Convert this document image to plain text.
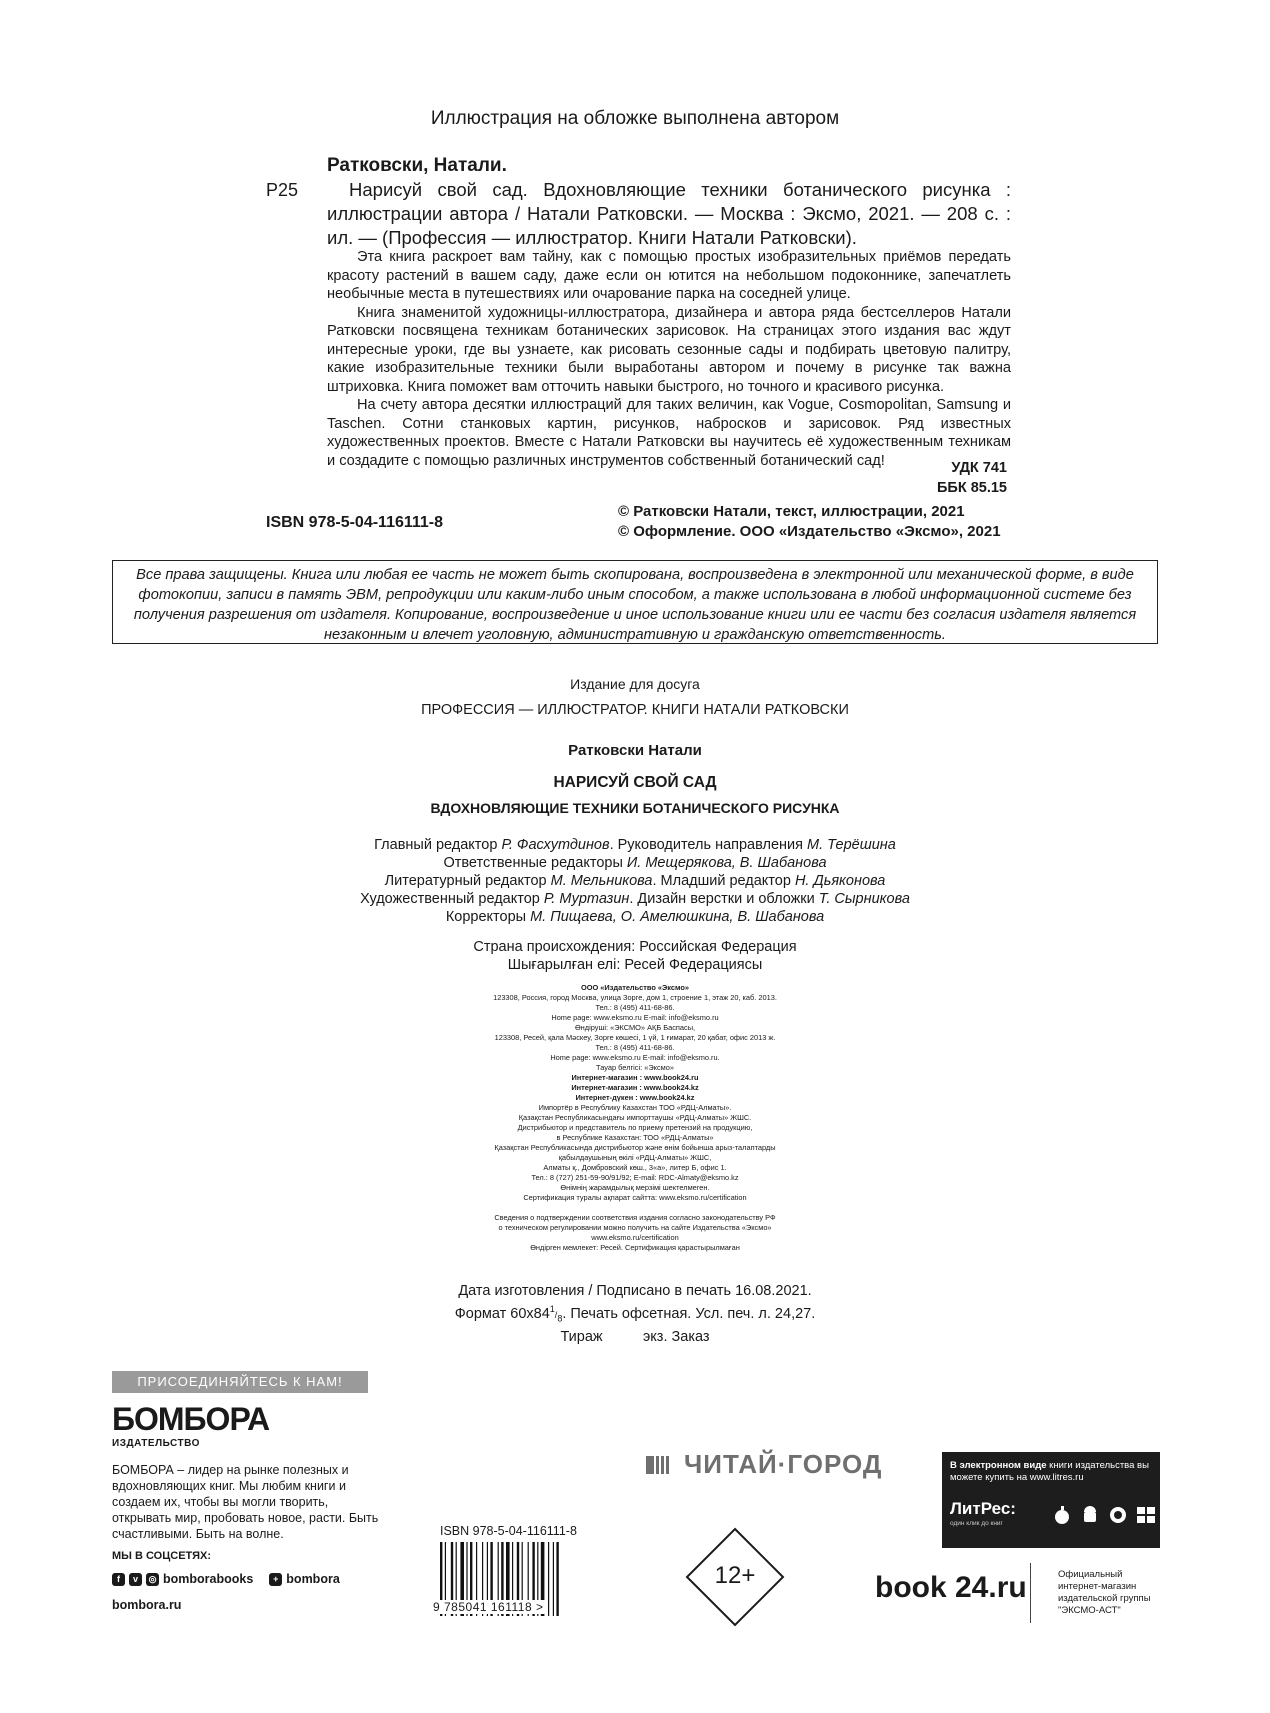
Иллюстрация на обложке выполнена автором
Ратковски, Натали.
Р25	Нарисуй свой сад. Вдохновляющие техники ботанического рисунка : иллюстрации автора / Натали Ратковски. — Москва : Эксмо, 2021. — 208 с. : ил. — (Профессия — иллюстратор. Книги Натали Ратковски).

Эта книга раскроет вам тайну, как с помощью простых изобразительных приёмов передать красоту растений в вашем саду, даже если он ютится на небольшом подоконнике, запечатлеть необычные места в путешествиях или очарование парка на соседней улице.

Книга знаменитой художницы-иллюстратора, дизайнера и автора ряда бестселлеров Натали Ратковски посвящена техникам ботанических зарисовок. На страницах этого издания вас ждут интересные уроки, где вы узнаете, как рисовать сезонные сады и подбирать цветовую палитру, какие изобразительные техники были выработаны автором и почему в рисунке так важна штриховка. Книга поможет вам отточить навыки быстрого, но точного и красивого рисунка.

На счету автора десятки иллюстраций для таких величин, как Vogue, Cosmopolitan, Samsung и Taschen. Сотни станковых картин, рисунков, набросков и зарисовок. Ряд известных художественных проектов. Вместе с Натали Ратковски вы научитесь её художественным техникам и создадите с помощью различных инструментов собственный ботанический сад!	УДК 741
ББК 85.15
ISBN 978-5-04-116111-8
© Ратковски Натали, текст, иллюстрации, 2021
© Оформление. ООО «Издательство «Эксмо», 2021
Все права защищены. Книга или любая ее часть не может быть скопирована, воспроизведена в электронной или механической форме, в виде фотокопии, записи в память ЭВМ, репродукции или каким-либо иным способом, а также использована в любой информационной системе без получения разрешения от издателя. Копирование, воспроизведение и иное использование книги или ее части без согласия издателя является незаконным и влечет уголовную, административную и гражданскую ответственность.
Издание для досуга
ПРОФЕССИЯ — ИЛЛЮСТРАТОР. КНИГИ НАТАЛИ РАТКОВСКИ
Ратковски Натали
НАРИСУЙ СВОЙ САД
ВДОХНОВЛЯЮЩИЕ ТЕХНИКИ БОТАНИЧЕСКОГО РИСУНКА
Главный редактор Р. Фасхутдинов. Руководитель направления М. Терёшина
Ответственные редакторы И. Мещерякова, В. Шабанова
Литературный редактор М. Мельникова. Младший редактор Н. Дьяконова
Художественный редактор Р. Муртазин. Дизайн верстки и обложки Т. Сырникова
Корректоры М. Пищаева, О. Амелюшкина, В. Шабанова
Страна происхождения: Российская Федерация
Шығарылған елі: Ресей Федерациясы
ООО «Издательство «Эксмо»
123308, Россия, город Москва, улица Зорге, дом 1, строение 1, этаж 20, каб. 2013.
Тел.: 8 (495) 411-68-86.
Home page: www.eksmo.ru E-mail: info@eksmo.ru
Өндіруші: «ЭКСМО» АҚБ Баспасы,
123308, Ресей, қала Мәскеу, Зорге көшесі, 1 үй, 1 ғимарат, 20 қабат, офис 2013 ж.
Тел.: 8 (495) 411-68-86.
Home page: www.eksmo.ru E-mail: info@eksmo.ru.
Тауар белгісі: «Эксмо»
Интернет-магазин : www.book24.ru
Интернет-магазин : www.book24.kz
Интернет-дүкен : www.book24.kz
Импортёр в Республику Казахстан ТОО «РДЦ-Алматы».
Қазақстан Республикасындағы импорттаушы «РДЦ-Алматы» ЖШС.
Дистрибьютор и представитель по приему претензий на продукцию,
в Республике Казахстан: ТОО «РДЦ-Алматы»
Қазақстан Республикасында дистрибьютор және өнім бойынша арыз-талаптарды
қабылдаушының өкілі «РДЦ-Алматы» ЖШС,
Алматы қ., Домбровский көш., 3«а», литер Б, офис 1.
Тел.: 8 (727) 251-59-90/91/92; E-mail: RDC-Almaty@eksmo.kz
Өнімнің жарамдылық мерзімі шектелмеген.
Сертификация туралы ақпарат сайтта: www.eksmo.ru/certification

Сведения о подтверждении соответствия издания согласно законодательству РФ
о техническом регулировании можно получить на сайте Издательства «Эксмо»
www.eksmo.ru/certification
Өндірген мемлекет: Ресей. Сертификация қарастырылмаған
Дата изготовления / Подписано в печать 16.08.2021.
Формат $60x84^1/_8$. Печать офсетная. Усл. печ. л. 24,27.
Тираж          экз. Заказ
ПРИСОЕДИНЯЙТЕСЬ К НАМ!
БОМБОРА
ИЗДАТЕЛЬСТВО
БОМБОРА – лидер на рынке полезных и вдохновляющих книг. Мы любим книги и создаем их, чтобы вы могли творить, открывать мир, пробовать новое, расти. Быть счастливыми. Быть на волне.
МЫ В СОЦСЕТЯХ:
f	v	◎ bomborabooks	+ bombora
bombora.ru
ISBN 978-5-04-116111-8
9 785041 161118 >
12+
ЧИТАЙ·ГОРОД	В электронном виде книги издательства вы можете купить на www.litres.ru
ЛитРес:
один клик до книг
book 24.ru	Официальный интернет-магазин издательской группы "ЭКСМО-АСТ"
